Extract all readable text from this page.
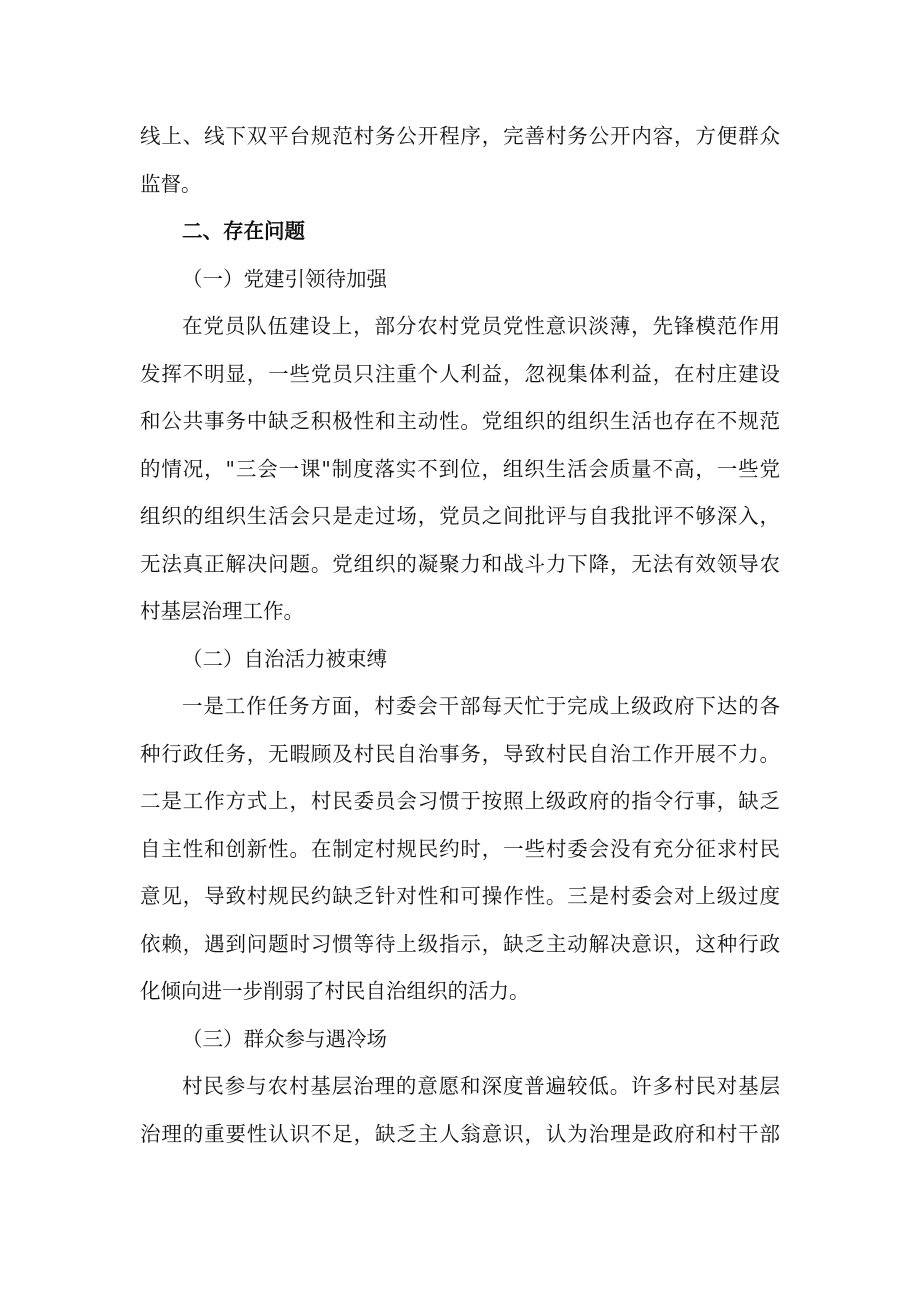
线上、线下双平台规范村务公开程序，完善村务公开内容，方便群众
监督。
二、存在问题
（一）党建引领待加强
在党员队伍建设上，部分农村党员党性意识淡薄，先锋模范作用
发挥不明显，一些党员只注重个人利益，忽视集体利益，在村庄建设
和公共事务中缺乏积极性和主动性。党组织的组织生活也存在不规范
的情况，"三会一课"制度落实不到位，组织生活会质量不高，一些党
组织的组织生活会只是走过场，党员之间批评与自我批评不够深入，
无法真正解决问题。党组织的凝聚力和战斗力下降，无法有效领导农
村基层治理工作。
（二）自治活力被束缚
一是工作任务方面，村委会干部每天忙于完成上级政府下达的各
种行政任务，无暇顾及村民自治事务，导致村民自治工作开展不力。
二是工作方式上，村民委员会习惯于按照上级政府的指令行事，缺乏
自主性和创新性。在制定村规民约时，一些村委会没有充分征求村民
意见，导致村规民约缺乏针对性和可操作性。三是村委会对上级过度
依赖，遇到问题时习惯等待上级指示，缺乏主动解决意识，这种行政
化倾向进一步削弱了村民自治组织的活力。
（三）群众参与遇冷场
村民参与农村基层治理的意愿和深度普遍较低。许多村民对基层
治理的重要性认识不足，缺乏主人翁意识，认为治理是政府和村干部
